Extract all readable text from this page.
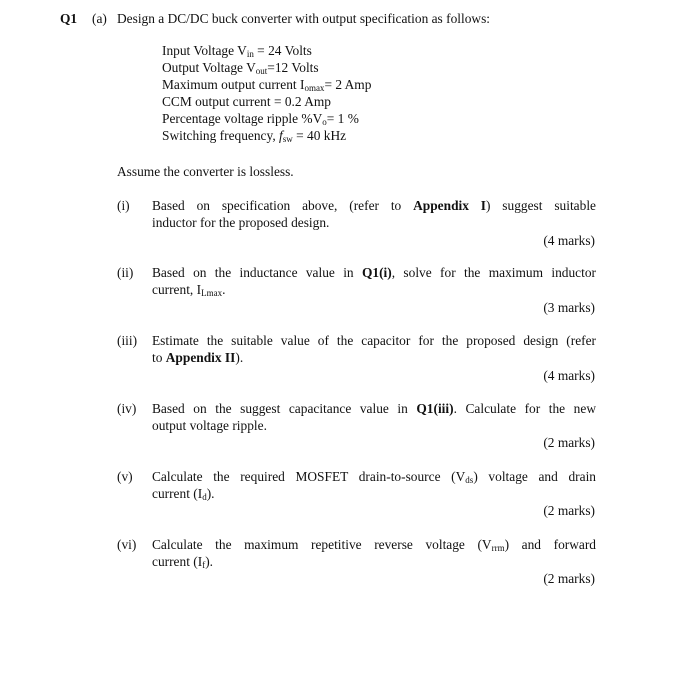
Q1 (a) Design a DC/DC buck converter with output specification as follows:
Input Voltage $V_{in} = 24$ Volts
Output Voltage $V_{out}=12$ Volts
Maximum output current $I_{omax}= 2$ Amp
CCM output current = 0.2 Amp
Percentage voltage ripple $\%V_o= 1$ %
Switching frequency, $f_{sw} = 40$ kHz
Assume the converter is lossless.
(i) Based on specification above, (refer to Appendix I) suggest suitable
inductor for the proposed design.
(4 marks)
(ii) Based on the inductance value in Q1(i), solve for the maximum inductor
current, $I_{Lmax}$.
(3 marks)
(iii) Estimate the suitable value of the capacitor for the proposed design (refer
to Appendix II).
(4 marks)
(iv) Based on the suggest capacitance value in Q1(iii). Calculate for the new
output voltage ripple.
(2 marks)
(v) Calculate the required MOSFET drain-to-source $(V_{ds})$ voltage and drain
current $(I_d)$.
(2 marks)
(vi) Calculate the maximum repetitive reverse voltage $(V_{rrm})$ and forward
current $(I_f)$.
(2 marks)
